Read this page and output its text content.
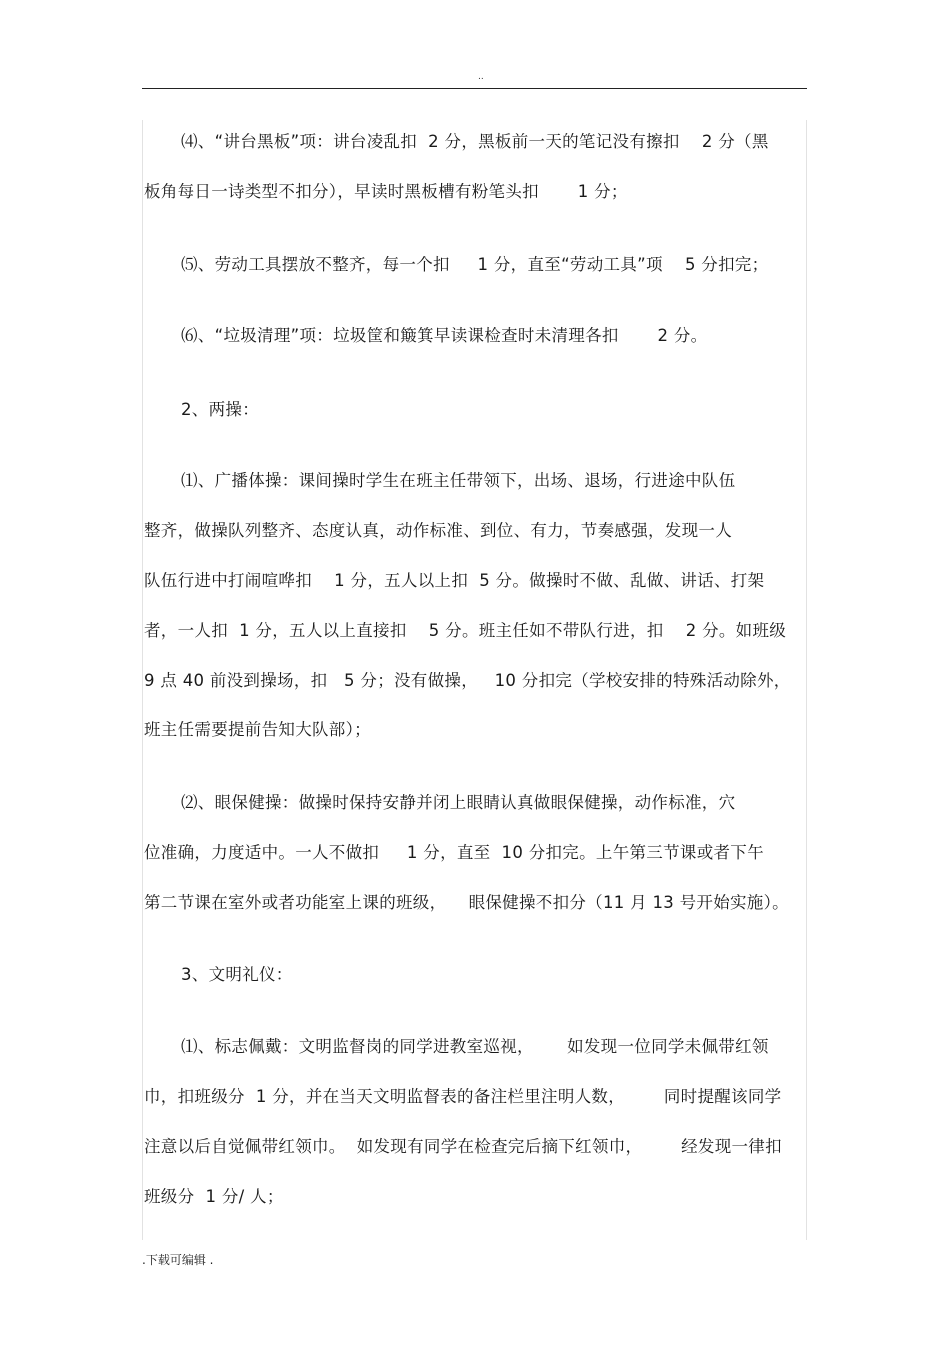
..
⑷、“讲台黑板”项：讲台凌乱扣  2 分，黑板前一天的笔记没有擦扣    2 分（黑
板角每日一诗类型不扣分），早读时黑板槽有粉笔头扣       1 分；
⑸、劳动工具摆放不整齐，每一个扣     1 分，直至“劳动工具”项    5 分扣完；
⑹、“垃圾清理”项：垃圾筐和簸箕早读课检查时未清理各扣       2 分。
2、两操：
⑴、广播体操：课间操时学生在班主任带领下，出场、退场，行进途中队伍
整齐，做操队列整齐、态度认真，动作标准、到位、有力，节奏感强，发现一人
队伍行进中打闹喧哗扣    1 分，五人以上扣  5 分。做操时不做、乱做、讲话、打架
者，一人扣  1 分，五人以上直接扣    5 分。班主任如不带队行进，扣    2 分。如班级
9 点 40 前没到操场，扣   5 分；没有做操，   10 分扣完（学校安排的特殊活动除外，
班主任需要提前告知大队部）；
⑵、眼保健操：做操时保持安静并闭上眼睛认真做眼保健操，动作标准，穴
位准确，力度适中。一人不做扣     1 分，直至  10 分扣完。上午第三节课或者下午
第二节课在室外或者功能室上课的班级，    眼保健操不扣分（11 月 13 号开始实施）。
3、文明礼仪：
⑴、标志佩戴：文明监督岗的同学进教室巡视，      如发现一位同学未佩带红领
巾，扣班级分  1 分，并在当天文明监督表的备注栏里注明人数，       同时提醒该同学
注意以后自觉佩带红领巾。  如发现有同学在检查完后摘下红领巾，       经发现一律扣
班级分  1 分/ 人；
.下载可编辑 .
